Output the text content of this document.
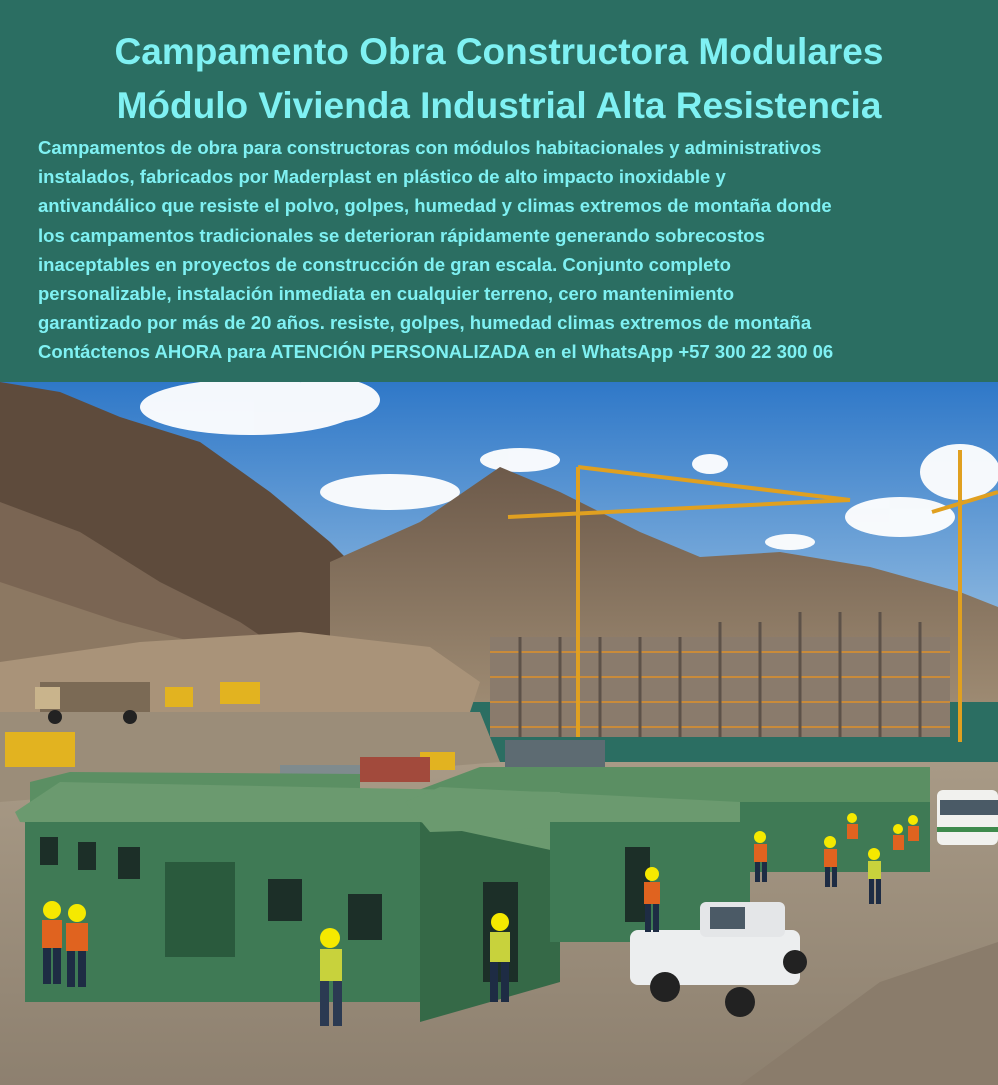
Campamento Obra Constructora Modulares
Módulo Vivienda Industrial Alta Resistencia
Campamentos de obra para constructoras con módulos habitacionales y administrativos
instalados, fabricados por Maderplast en plástico de alto impacto inoxidable y
antivandálico que resiste el polvo, golpes, humedad y climas extremos de montaña donde
los campamentos tradicionales se deterioran rápidamente generando sobrecostos
inaceptables en proyectos de construcción de gran escala. Conjunto completo
personalizable, instalación inmediata en cualquier terreno, cero mantenimiento
garantizado por más de 20 años. resiste, golpes, humedad climas extremos de montaña
Contáctenos AHORA para ATENCIÓN PERSONALIZADA en el WhatsApp +57 300 22 300 06
